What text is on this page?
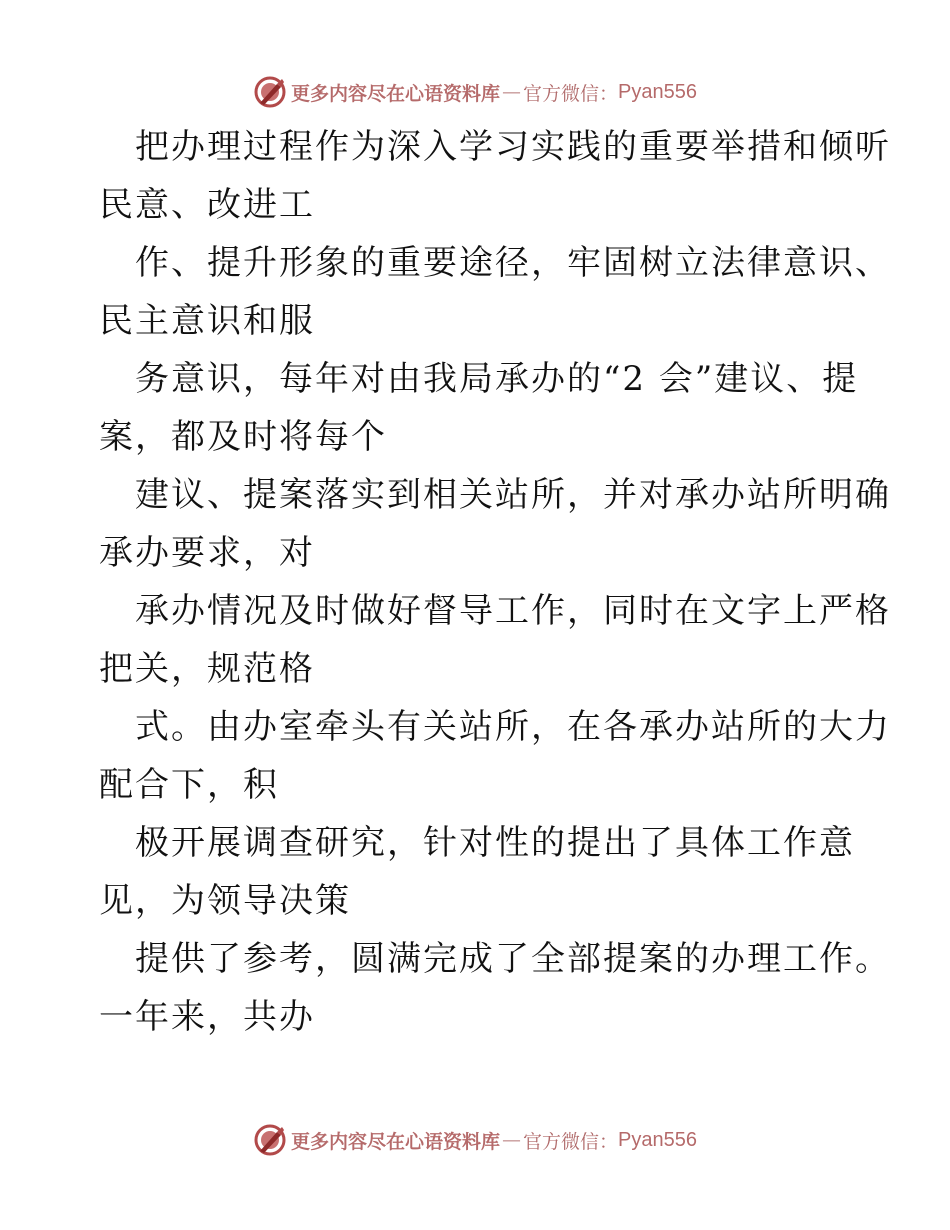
更多内容尽在心语资料库 — 官方微信： Pyan556
把办理过程作为深入学习实践的重要举措和倾听
民意、改进工
作、提升形象的重要途径，牢固树立法律意识、
民主意识和服
务意识，每年对由我局承办的“2 会”建议、提
案，都及时将每个
建议、提案落实到相关站所，并对承办站所明确
承办要求，对
承办情况及时做好督导工作，同时在文字上严格
把关，规范格
式。由办室牵头有关站所，在各承办站所的大力
配合下，积
极开展调查研究，针对性的提出了具体工作意
见，为领导决策
提供了参考，圆满完成了全部提案的办理工作。
一年来，共办
更多内容尽在心语资料库 — 官方微信： Pyan556
